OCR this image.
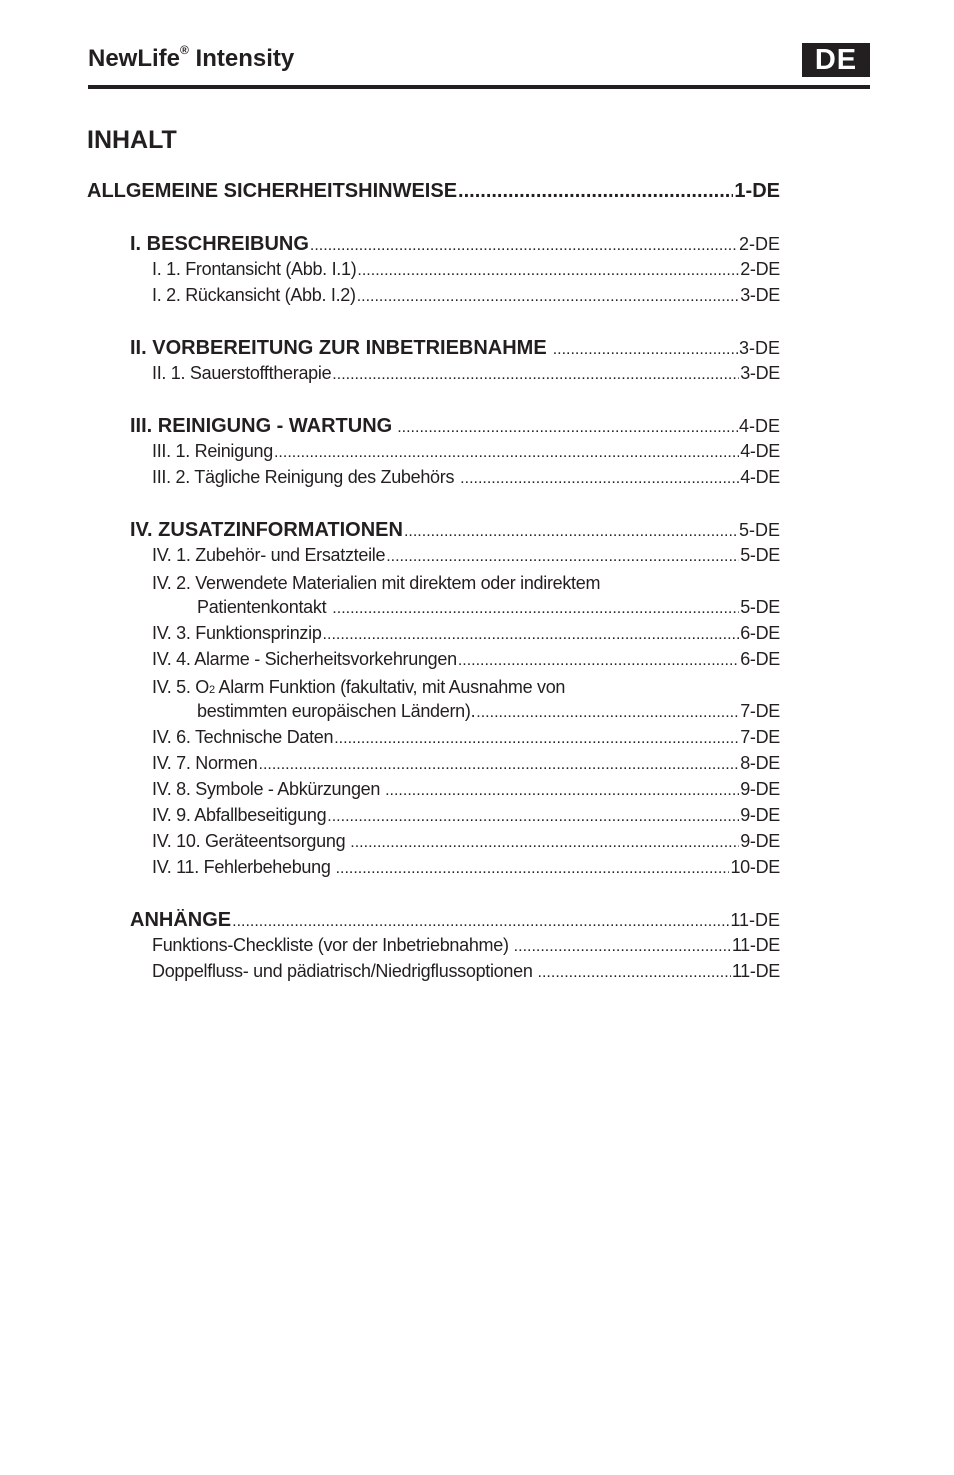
NewLife® Intensity	DE
INHALT
ALLGEMEINE SICHERHEITSHINWEISE .....	1-DE
I. BESCHREIBUNG .....	2-DE
I. 1. Frontansicht (Abb. I.1) .....	2-DE
I. 2. Rückansicht (Abb. I.2) .....	3-DE
II. VORBEREITUNG ZUR INBETRIEBNAHME .....	3-DE
II. 1. Sauerstofftherapie .....	3-DE
III. REINIGUNG - WARTUNG .....	4-DE
III. 1. Reinigung .....	4-DE
III. 2. Tägliche Reinigung des Zubehörs .....	4-DE
IV. ZUSATZINFORMATIONEN .....	5-DE
IV. 1. Zubehör- und Ersatzteile .....	5-DE
IV. 2. Verwendete Materialien mit direktem oder indirektem
Patientenkontakt .....	5-DE
IV. 3. Funktionsprinzip .....	6-DE
IV. 4. Alarme - Sicherheitsvorkehrungen .....	6-DE
IV. 5. O2 Alarm Funktion (fakultativ, mit Ausnahme von
bestimmten europäischen Ländern). .....	7-DE
IV. 6. Technische Daten .....	7-DE
IV. 7. Normen .....	8-DE
IV. 8. Symbole - Abkürzungen .....	9-DE
IV. 9. Abfallbeseitigung .....	9-DE
IV. 10. Geräteentsorgung .....	9-DE
IV. 11. Fehlerbehebung .....	10-DE
ANHÄNGE .....	11-DE
Funktions-Checkliste (vor der Inbetriebnahme) .....	11-DE
Doppelfluss- und pädiatrisch/Niedrigflussoptionen .....	11-DE
